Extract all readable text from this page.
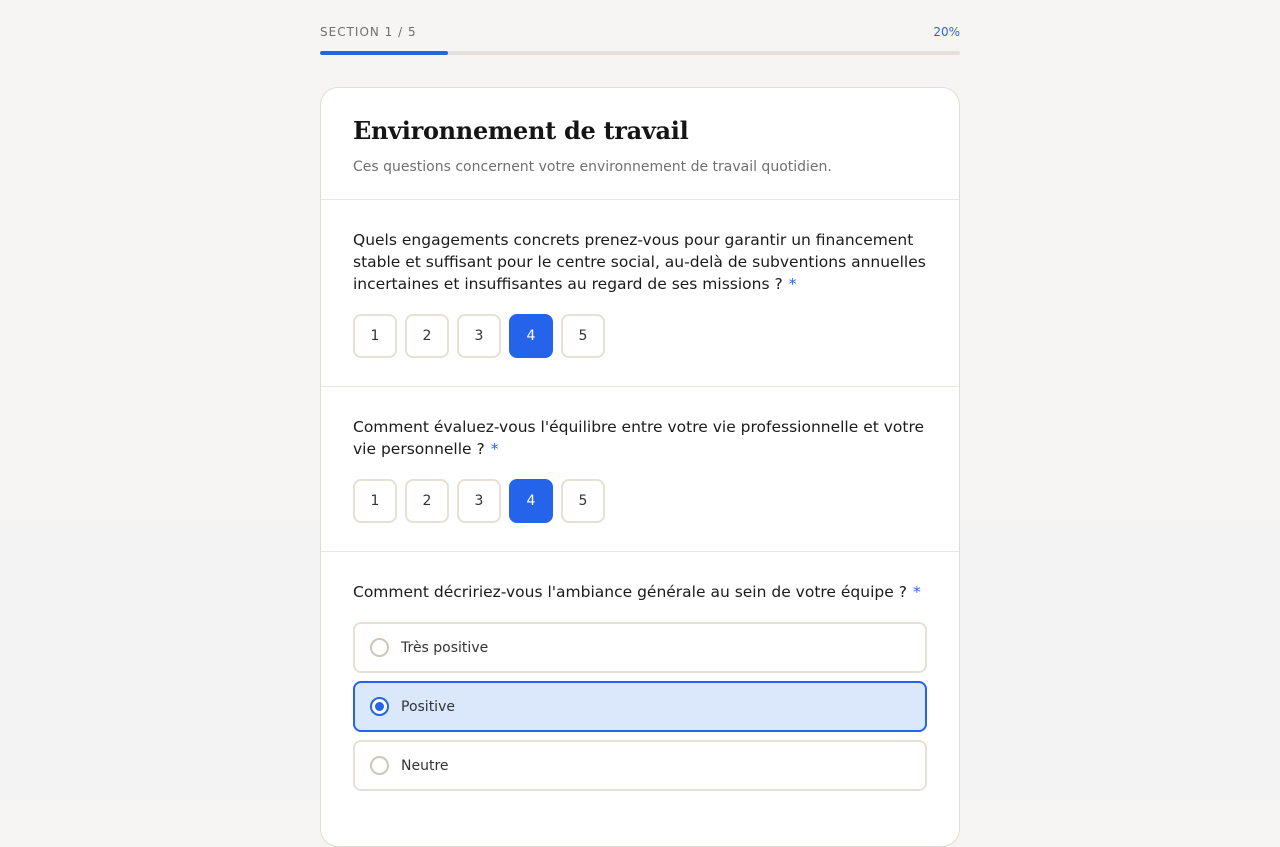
SECTION 1 / 5	20%
Environnement de travail

Ces questions concernent votre environnement de travail quotidien.

Quels engagements concrets prenez-vous pour garantir un financement stable et suffisant pour le centre social, au-delà de subventions annuelles incertaines et insuffisantes au regard de ses missions ? *

1	2	3	4	5

Comment évaluez-vous l'équilibre entre votre vie professionnelle et votre vie personnelle ? *

1	2	3	4	5

Comment décririez-vous l'ambiance générale au sein de votre équipe ? *

Très positive
Positive
Neutre
